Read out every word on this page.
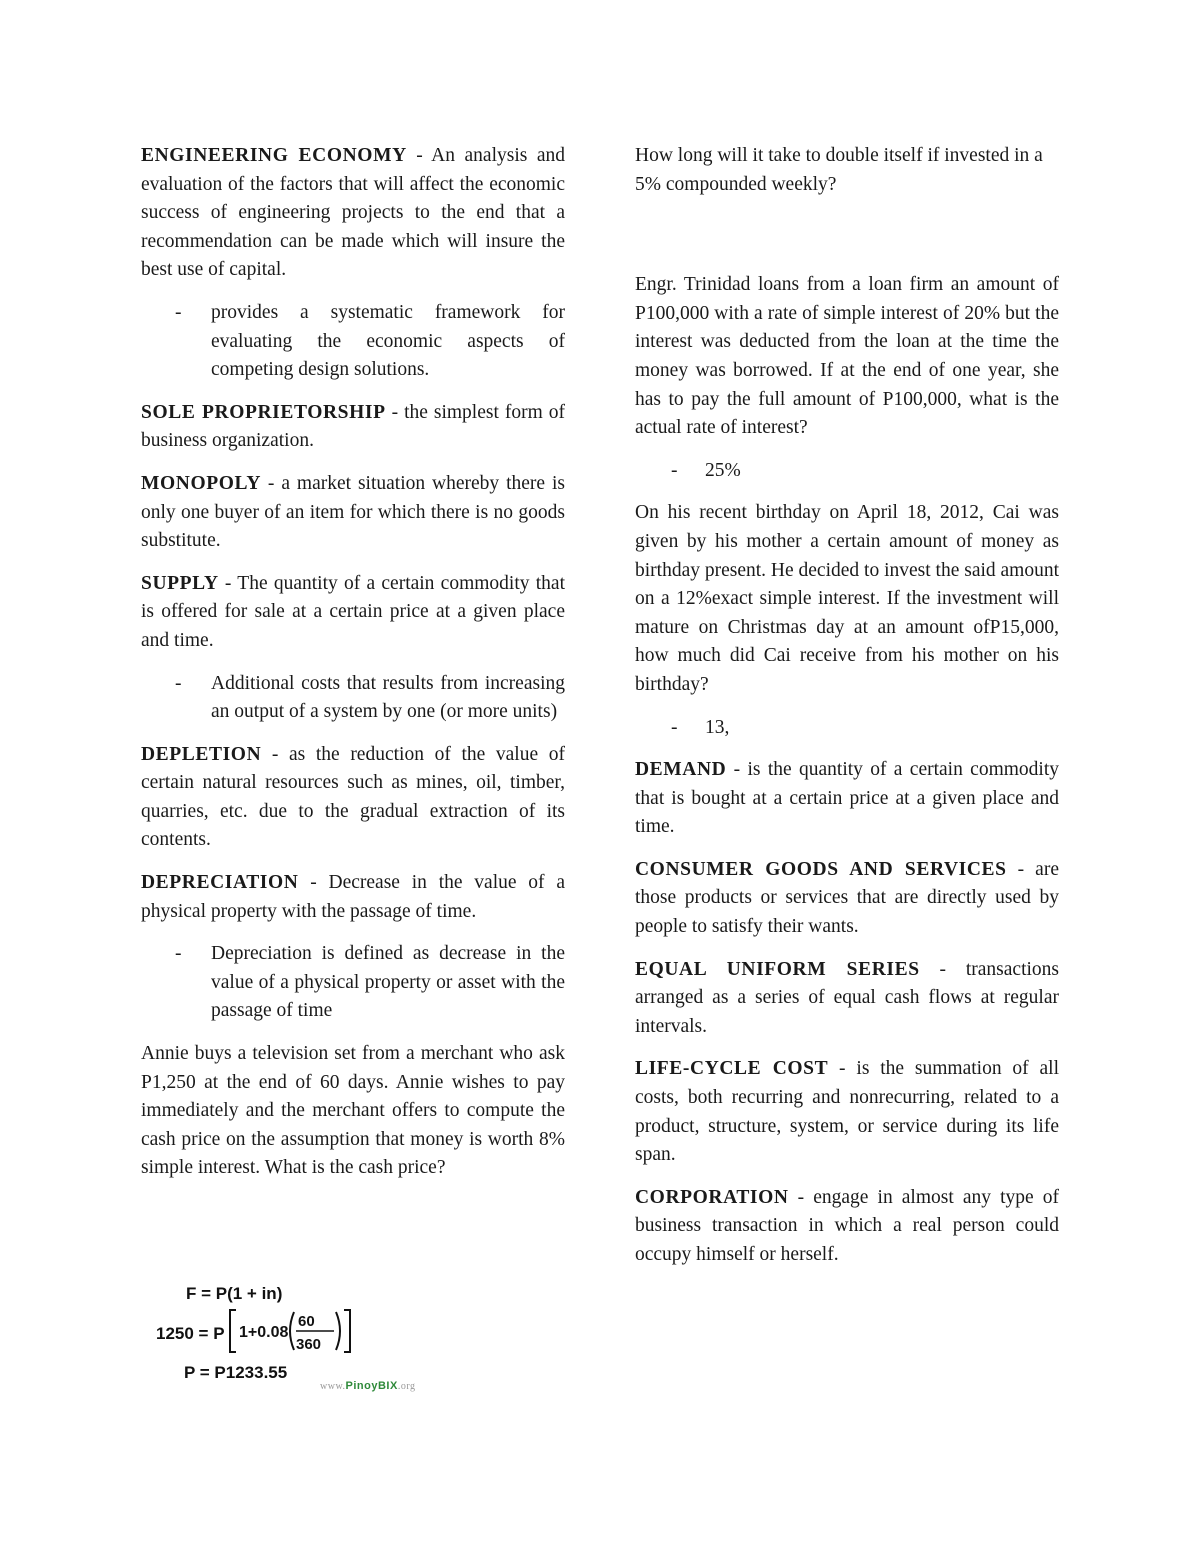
ENGINEERING ECONOMY - An analysis and evaluation of the factors that will affect the economic success of engineering projects to the end that a recommendation can be made which will insure the best use of capital.

- provides a systematic framework for evaluating the economic aspects of competing design solutions.

SOLE PROPRIETORSHIP - the simplest form of business organization.

MONOPOLY - a market situation whereby there is only one buyer of an item for which there is no goods substitute.

SUPPLY - The quantity of a certain commodity that is offered for sale at a certain price at a given place and time.

- Additional costs that results from increasing an output of a system by one (or more units)

DEPLETION - as the reduction of the value of certain natural resources such as mines, oil, timber, quarries, etc. due to the gradual extraction of its contents.

DEPRECIATION - Decrease in the value of a physical property with the passage of time.

- Depreciation is defined as decrease in the value of a physical property or asset with the passage of time

Annie buys a television set from a merchant who ask P1,250 at the end of 60 days. Annie wishes to pay immediately and the merchant offers to compute the cash price on the assumption that money is worth 8% simple interest. What is the cash price?

F = P(1 + in)
1250 = P 1+0.08
60
360
P = P1233.55
www.PinoyBIX.org

How long will it take to double itself if invested in a 5% compounded weekly?

Engr. Trinidad loans from a loan firm an amount of P100,000 with a rate of simple interest of 20% but the interest was deducted from the loan at the time the money was borrowed. If at the end of one year, she has to pay the full amount of P100,000, what is the actual rate of interest?

- 25%

On his recent birthday on April 18, 2012, Cai was given by his mother a certain amount of money as birthday present. He decided to invest the said amount on a 12%exact simple interest. If the investment will mature on Christmas day at an amount ofP15,000, how much did Cai receive from his mother on his birthday?

- 13,

DEMAND - is the quantity of a certain commodity that is bought at a certain price at a given place and time.

CONSUMER GOODS AND SERVICES - are those products or services that are directly used by people to satisfy their wants.

EQUAL UNIFORM SERIES - transactions arranged as a series of equal cash flows at regular intervals.

LIFE-CYCLE COST - is the summation of all costs, both recurring and nonrecurring, related to a product, structure, system, or service during its life span.

CORPORATION - engage in almost any type of business transaction in which a real person could occupy himself or herself.
